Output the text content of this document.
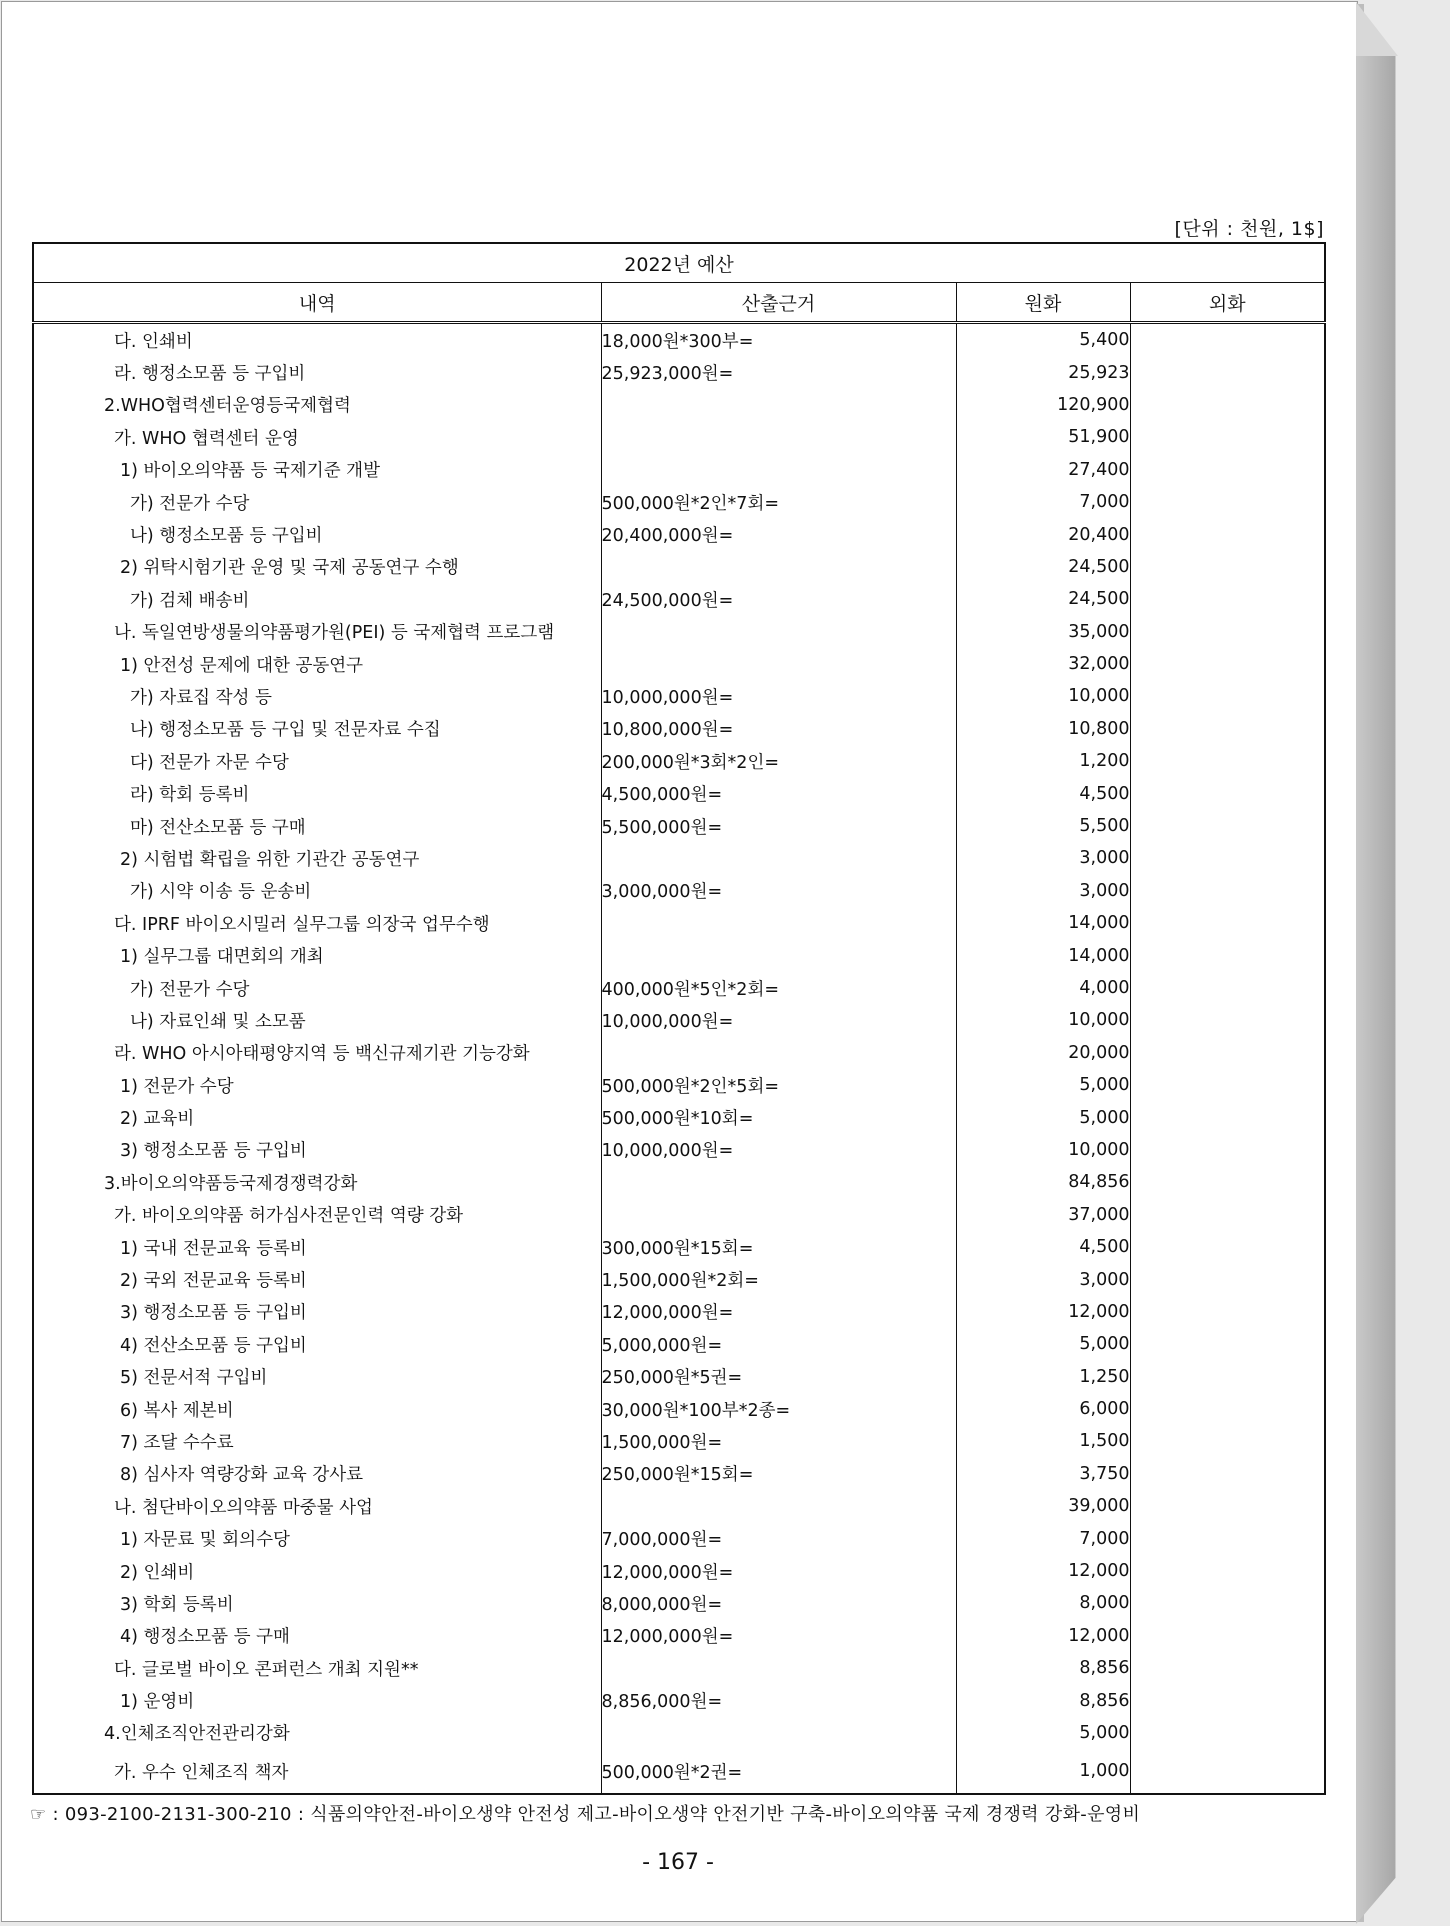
[단위 : 천원, 1$]
2022년 예산			
내역	산출근거	원화	외화
다. 인쇄비	18,000원*300부=	5,400	
라. 행정소모품 등 구입비	25,923,000원=	25,923	
2.WHO협력센터운영등국제협력		120,900	
가. WHO 협력센터 운영		51,900	
1) 바이오의약품 등 국제기준 개발		27,400	
가) 전문가 수당	500,000원*2인*7회=	7,000	
나) 행정소모품 등 구입비	20,400,000원=	20,400	
2) 위탁시험기관 운영 및 국제 공동연구 수행		24,500	
가) 검체 배송비	24,500,000원=	24,500	
나. 독일연방생물의약품평가원(PEI) 등 국제협력 프로그램		35,000	
1) 안전성 문제에 대한 공동연구		32,000	
가) 자료집 작성 등	10,000,000원=	10,000	
나) 행정소모품 등 구입 및 전문자료 수집	10,800,000원=	10,800	
다) 전문가 자문 수당	200,000원*3회*2인=	1,200	
라) 학회 등록비	4,500,000원=	4,500	
마) 전산소모품 등 구매	5,500,000원=	5,500	
2) 시험법 확립을 위한 기관간 공동연구		3,000	
가) 시약 이송 등 운송비	3,000,000원=	3,000	
다. IPRF 바이오시밀러 실무그룹 의장국 업무수행		14,000	
1) 실무그룹 대면회의 개최		14,000	
가) 전문가 수당	400,000원*5인*2회=	4,000	
나) 자료인쇄 및 소모품	10,000,000원=	10,000	
라. WHO 아시아태평양지역 등 백신규제기관 기능강화		20,000	
1) 전문가 수당	500,000원*2인*5회=	5,000	
2) 교육비	500,000원*10회=	5,000	
3) 행정소모품 등 구입비	10,000,000원=	10,000	
3.바이오의약품등국제경쟁력강화		84,856	
가. 바이오의약품 허가심사전문인력 역량 강화		37,000	
1) 국내 전문교육 등록비	300,000원*15회=	4,500	
2) 국외 전문교육 등록비	1,500,000원*2회=	3,000	
3) 행정소모품 등 구입비	12,000,000원=	12,000	
4) 전산소모품 등 구입비	5,000,000원=	5,000	
5) 전문서적 구입비	250,000원*5권=	1,250	
6) 복사 제본비	30,000원*100부*2종=	6,000	
7) 조달 수수료	1,500,000원=	1,500	
8) 심사자 역량강화 교육 강사료	250,000원*15회=	3,750	
나. 첨단바이오의약품 마중물 사업		39,000	
1) 자문료 및 회의수당	7,000,000원=	7,000	
2) 인쇄비	12,000,000원=	12,000	
3) 학회 등록비	8,000,000원=	8,000	
4) 행정소모품 등 구매	12,000,000원=	12,000	
다. 글로벌 바이오 콘퍼런스 개최 지원**		8,856	
1) 운영비	8,856,000원=	8,856	
4.인체조직안전관리강화		5,000	
가. 우수 인체조직 책자	500,000원*2권=	1,000	
☞ : 093-2100-2131-300-210 : 식품의약안전-바이오생약 안전성 제고-바이오생약 안전기반 구축-바이오의약품 국제 경쟁력 강화-운영비
- 167 -
